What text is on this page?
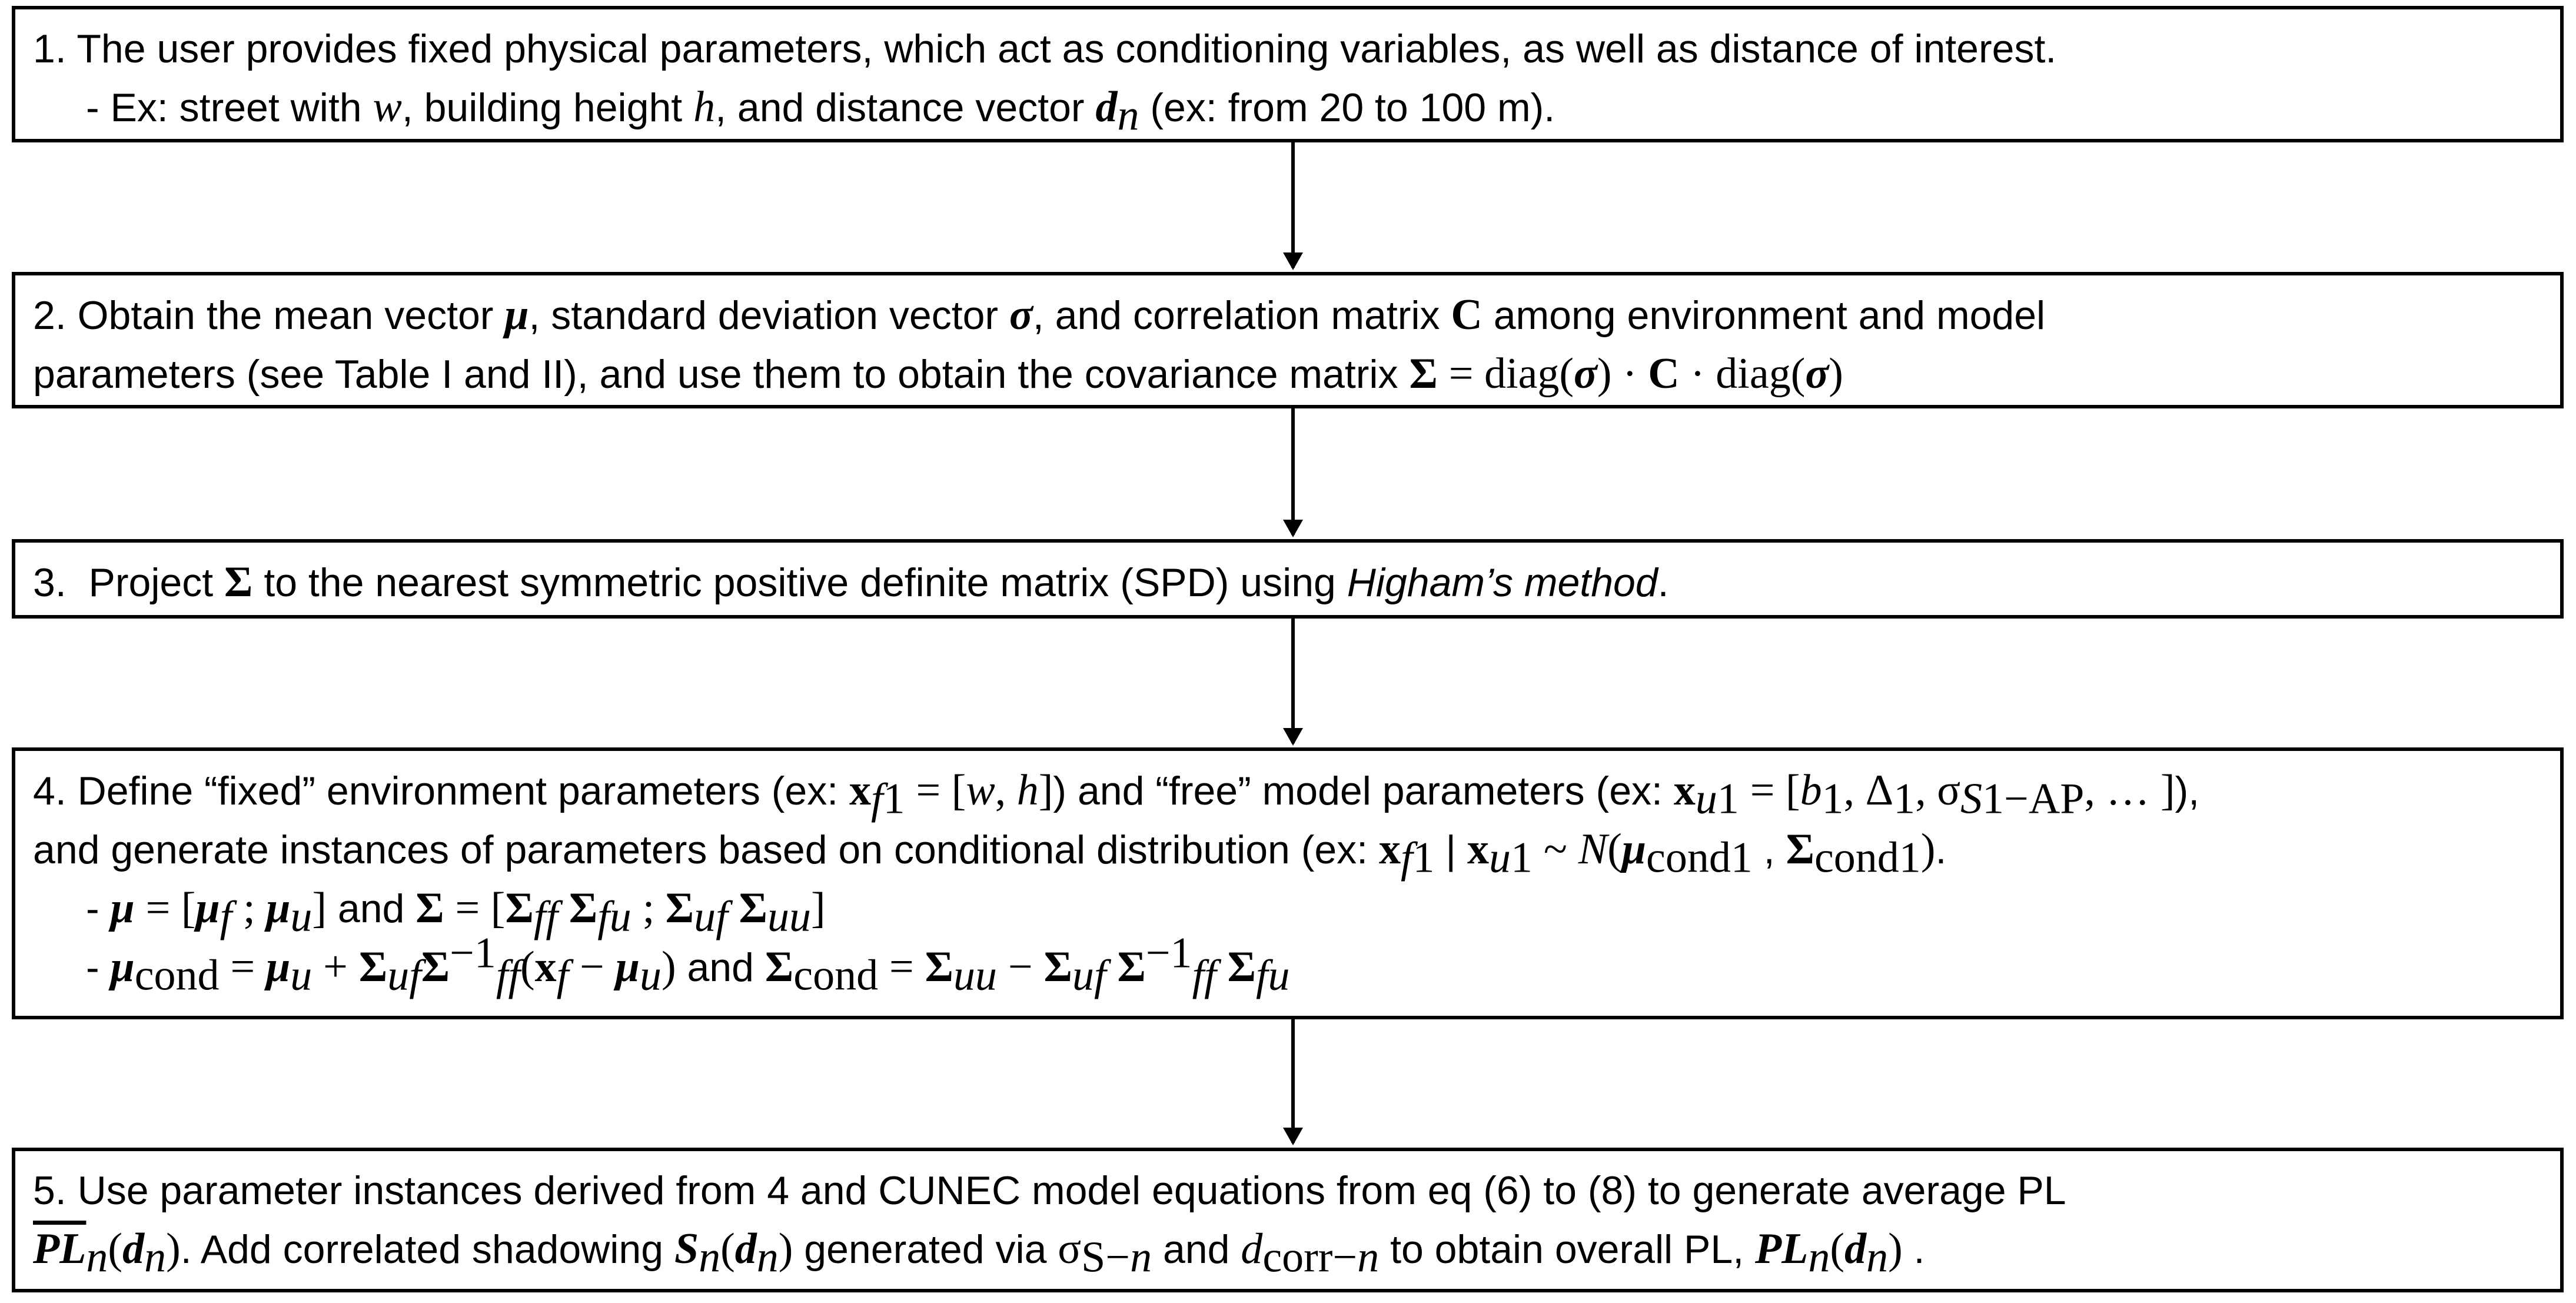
1. The user provides fixed physical parameters, which act as conditioning variables, as well as distance of interest.
- Ex: street with w, building height h, and distance vector $d_n$ (ex: from 20 to 100 m).
2. Obtain the mean vector μ, standard deviation vector σ, and correlation matrix C among environment and model
parameters (see Table I and II), and use them to obtain the covariance matrix Σ = diag(σ) · C · diag(σ)
3.  Project Σ to the nearest symmetric positive definite matrix (SPD) using Higham’s method.
4. Define “fixed” environment parameters (ex: $x_{f1} = [w$, h]) and “free” model parameters (ex: $x_{u1} = [b_1$, $\Delta_1$, $\sigma_{S1-AP}$, … ]),
and generate instances of parameters based on conditional distribution (ex: $x_{f1}$ | $x_{u1}$ ~ $N(\mu_{cond1}$ , $\Sigma_{cond1}$).
- $\mu = [\mu_f$ ; $\mu_u$] and $\Sigma = [\Sigma_{ff}$ $\Sigma_{fu}$ ; $\Sigma_{uf}$ $\Sigma_{uu}$]
- $\mu_{cond} = \mu_u + \Sigma_{uf}\Sigma^{-1}_{ff}(x_f - \mu_u)$ and $\Sigma_{cond} = \Sigma_{uu} - \Sigma_{uf}$ $\Sigma^{-1}_{ff}$ $\Sigma_{fu}$
5. Use parameter instances derived from 4 and CUNEC model equations from eq (6) to (8) to generate average PL
$\overline{PL}_n(d_n)$. Add correlated shadowing $S_n(d_n)$ generated via $\sigma_{S-n}$ and $d_{corr-n}$ to obtain overall PL, $PL_n(d_n)$ .
